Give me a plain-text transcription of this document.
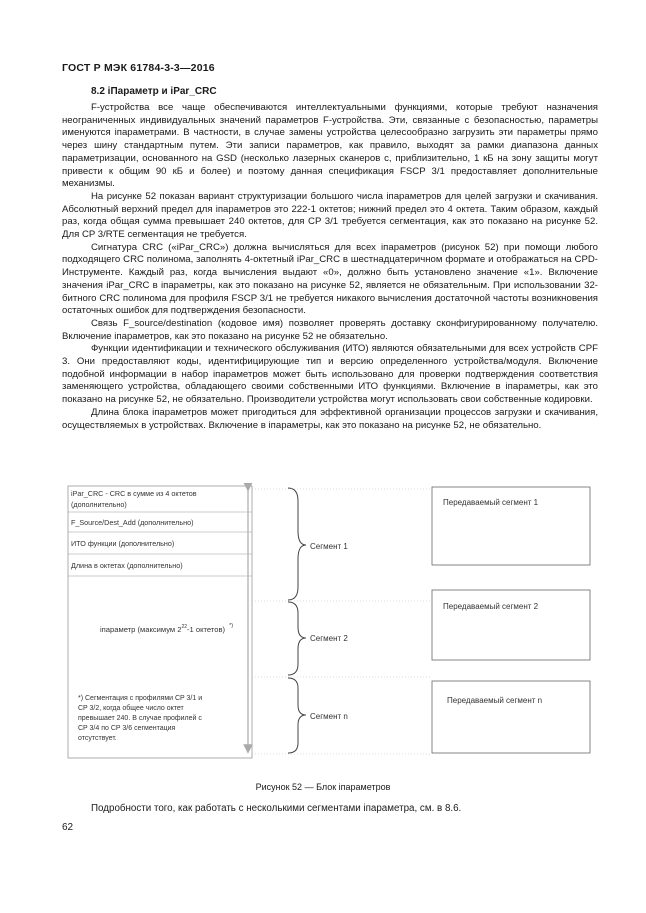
ГОСТ Р МЭК 61784-3-3—2016
8.2 iПараметр и iPar_CRC

F-устройства все чаще обеспечиваются интеллектуальными функциями, которые требуют назначения неограниченных индивидуальных значений параметров F-устройства. Эти, связанные с безопасностью, параметры именуются iпараметрами. В частности, в случае замены устройства целесообразно загрузить эти параметры прямо через шину стандартным путем. Эти записи параметров, как правило, выходят за рамки диапазона данных параметризации, основанного на GSD (несколько лазерных сканеров с, приблизительно, 1 кБ на зону защиты могут привести к общим 90 кБ и более) и поэтому данная спецификация FSCP 3/1 предоставляет дополнительные механизмы.

На рисунке 52 показан вариант структуризации большого числа iпараметров для целей загрузки и скачивания. Абсолютный верхний предел для iпараметров это 222-1 октетов; нижний предел это 4 октета. Таким образом, каждый раз, когда общая сумма превышает 240 октетов, для CP 3/1 требуется сегментация, как это показано на рисунке 52. Для CP 3/RTE сегментация не требуется.

Сигнатура CRC («iPar_CRC») должна вычисляться для всех iпараметров (рисунок 52) при помощи любого подходящего CRC полинома, заполнять 4-октетный iPar_CRC в шестнадцатеричном формате и отображаться на CPD-Инструменте. Каждый раз, когда вычисления выдают «0», должно быть установлено значение «1». Включение значения iPar_CRC в iпараметры, как это показано на рисунке 52, является не обязательным. При использовании 32-битного CRC полинома для профиля FSCP 3/1 не требуется никакого вычисления достаточной частоты возникновения остаточных ошибок для подтверждения безопасности.

Связь F_source/destination (кодовое имя) позволяет проверять доставку сконфигурированному получателю. Включение iпараметров, как это показано на рисунке 52 не обязательно.

Функции идентификации и технического обслуживания (ИТО) являются обязательными для всех устройств CPF 3. Они предоставляют коды, идентифицирующие тип и версию определенного устройства/модуля. Включение подобной информации в набор iпараметров может быть использовано для проверки подтверждения соответствия заменяющего устройства, обладающего своими собственными ИТО функциями. Включение в iпараметры, как это показано на рисунке 52, не обязательно. Производители устройства могут использовать свои собственные кодировки.

Длина блока iпараметров может пригодиться для эффективной организации процессов загрузки и скачивания, осуществляемых в устройствах. Включение в iпараметры, как это показано на рисунке 52, не обязательно.

iPar_CRC - CRC в сумме из 4 октетов
(дополнительно)
F_Source/Dest_Add (дополнительно)
ИТО функции (дополнительно)
Длина в октетах (дополнительно)
iпараметр (максимум $2^{22}-1$ октетов) *)
*) Сегментация с профилями CP 3/1 и
CP 3/2, когда общее число октет
превышает 240. В случае профилей с
CP 3/4 по CP 3/6 сегментация
отсутствует.
Сегмент 1
Сегмент 2
Сегмент n
Передаваемый сегмент 1
Передаваемый сегмент 2
Передаваемый сегмент n
Рисунок 52 — Блок iпараметров
Подробности того, как работать с несколькими сегментами iпараметра, см. в 8.6.
62
